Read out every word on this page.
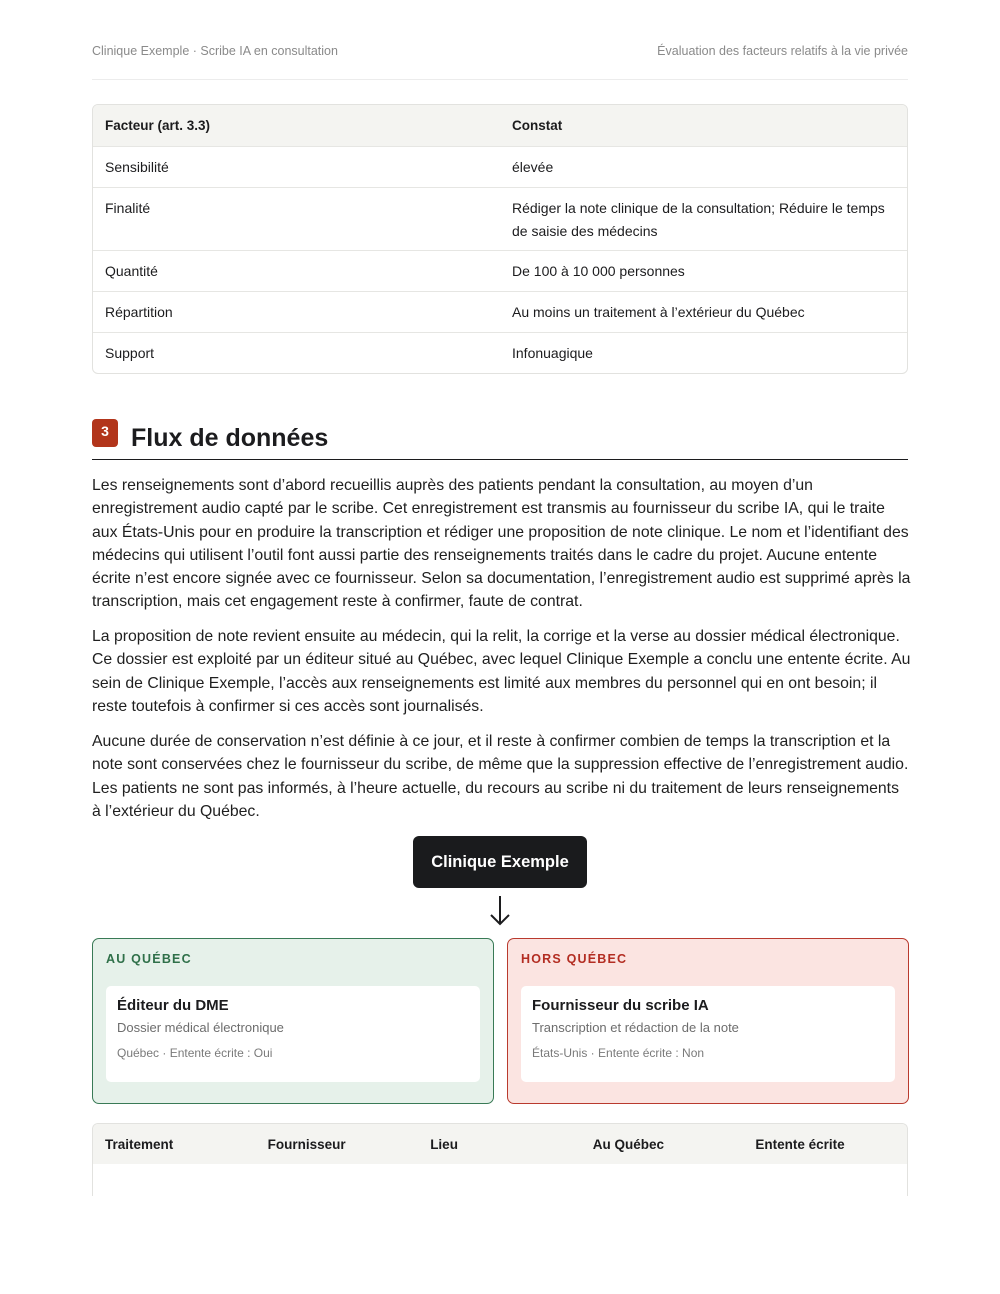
Clinique Exemple · Scribe IA en consultation	Évaluation des facteurs relatifs à la vie privée
Facteur (art. 3.3)	Constat
Sensibilité	élevée
Finalité	Rédiger la note clinique de la consultation; Réduire le temps de saisie des médecins
Quantité	De 100 à 10 000 personnes
Répartition	Au moins un traitement à l’extérieur du Québec
Support	Infonuagique
3 Flux de données

Les renseignements sont d’abord recueillis auprès des patients pendant la consultation, au moyen d’un enregistrement audio capté par le scribe. Cet enregistrement est transmis au fournisseur du scribe IA, qui le traite aux États-Unis pour en produire la transcription et rédiger une proposition de note clinique. Le nom et l’identifiant des médecins qui utilisent l’outil font aussi partie des renseignements traités dans le cadre du projet. Aucune entente écrite n’est encore signée avec ce fournisseur. Selon sa documentation, l’enregistrement audio est supprimé après la transcription, mais cet engagement reste à confirmer, faute de contrat.

La proposition de note revient ensuite au médecin, qui la relit, la corrige et la verse au dossier médical électronique. Ce dossier est exploité par un éditeur situé au Québec, avec lequel Clinique Exemple a conclu une entente écrite. Au sein de Clinique Exemple, l’accès aux renseignements est limité aux membres du personnel qui en ont besoin; il reste toutefois à confirmer si ces accès sont journalisés.

Aucune durée de conservation n’est définie à ce jour, et il reste à confirmer combien de temps la transcription et la note sont conservées chez le fournisseur du scribe, de même que la suppression effective de l’enregistrement audio. Les patients ne sont pas informés, à l’heure actuelle, du recours au scribe ni du traitement de leurs renseignements à l’extérieur du Québec.

Clinique Exemple
AU QUÉBEC
Éditeur du DME
Dossier médical électronique
Québec · Entente écrite : Oui
HORS QUÉBEC
Fournisseur du scribe IA
Transcription et rédaction de la note
États-Unis · Entente écrite : Non
Traitement	Fournisseur	Lieu	Au Québec	Entente écrite
